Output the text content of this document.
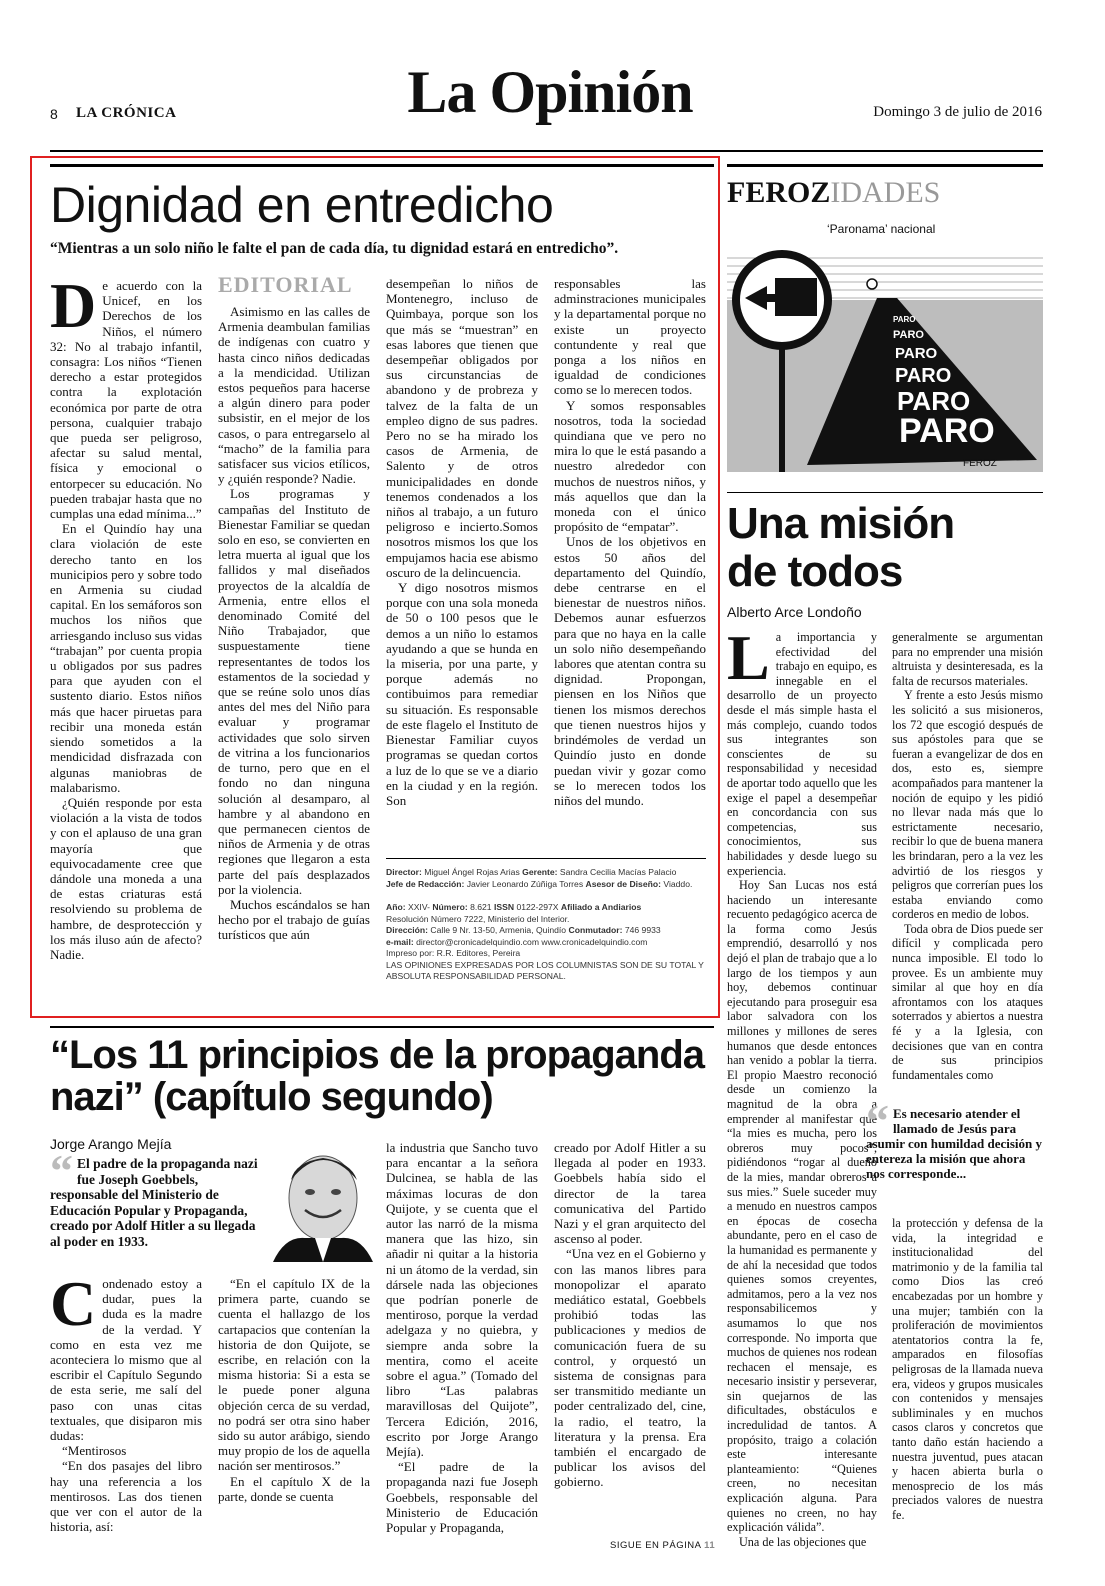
8 LA CRÓNICA	La Opinión	Domingo 3 de julio de 2016
Dignidad en entredicho
“Mientras a un solo niño le falte el pan de cada día, tu dignidad estará en entredicho”.
D e acuerdo con la Unicef, en los Derechos de los Niños, el número 32: No al trabajo infantil, consagra: Los niños “Tienen derecho a estar protegidos contra la explotación económica por parte de otra persona, cualquier trabajo que pueda ser peligroso, afectar su salud mental, física y emocional o entorpecer su educación. No pueden trabajar hasta que no cumplas una edad mínima...”

En el Quindío hay una clara violación de este derecho tanto en los municipios pero y sobre todo en Armenia su ciudad capital. En los semáforos son muchos los niños que arriesgando incluso sus vidas “trabajan” por cuenta propia u obligados por sus padres para que ayuden con el sustento diario. Estos niños más que hacer piruetas para recibir una moneda están siendo sometidos a la mendicidad disfrazada con algunas maniobras de malabarismo.

¿Quién responde por esta violación a la vista de todos y con el aplauso de una gran mayoría que equivocadamente cree que dándole una moneda a una de estas criaturas está resolviendo su problema de hambre, de desprotección y los más iluso aún de afecto? Nadie.

EDITORIAL

Asimismo en las calles de Armenia deambulan familias de indígenas con cuatro y hasta cinco niños dedicadas a la mendicidad. Utilizan estos pequeños para hacerse a algún dinero para poder subsistir, en el mejor de los casos, o para entregarselo al “macho” de la familia para satisfacer sus vicios etílicos, y ¿quién responde? Nadie.

Los programas y campañas del Instituto de Bienestar Familiar se quedan solo en eso, se convierten en letra muerta al igual que los fallidos y mal diseñados proyectos de la alcaldía de Armenia, entre ellos el denominado Comité del Niño Trabajador, que suspuestamente tiene representantes de todos los estamentos de la sociedad y que se reúne solo unos días antes del mes del Niño para evaluar y programar actividades que solo sirven de vitrina a los funcionarios de turno, pero que en el fondo no dan ninguna solución al desamparo, al hambre y al abandono en que permanecen cientos de niños de Armenia y de otras regiones que llegaron a esta parte del país desplazados por la violencia.

Muchos escándalos se han hecho por el trabajo de guías turísticos que aún

desempeñan lo niños de Montenegro, incluso de Quimbaya, porque son los que más se “muestran” en esas labores que tienen que desempeñar obligados por sus circunstancias de abandono y de probreza y talvez de la falta de un empleo digno de sus padres. Pero no se ha mirado los casos de Armenia, de Salento y de otros municipalidades en donde tenemos condenados a los niños al trabajo, a un futuro peligroso e incierto.Somos nosotros mismos los que los empujamos hacia ese abismo oscuro de la delincuencia.

Y digo nosotros mismos porque con una sola moneda de 50 o 100 pesos que le demos a un niño lo estamos ayudando a que se hunda en la miseria, por una parte, y porque además no contibuimos para remediar su situación. Es responsable de este flagelo el Instituto de Bienestar Familiar cuyos programas se quedan cortos a luz de lo que se ve a diario en la ciudad y en la región. Son

responsables las adminstraciones municipales y la departamental porque no existe un proyecto contundente y real que ponga a los niños en igualdad de condiciones como se lo merecen todos.

Y somos responsables nosotros, toda la sociedad quindiana que ve pero no mira lo que le está pasando a nuestro alrededor con muchos de nuestros niños, y más aquellos que dan la moneda con el único propósito de “empatar”.

Unos de los objetivos en estos 50 años del departamento del Quindío, debe centrarse en el bienestar de nuestros niños. Debemos aunar esfuerzos para que no haya en la calle un solo niño desempeñando labores que atentan contra su dignidad. Propongan, piensen en los Niños que tienen los mismos derechos que tienen nuestros hijos y brindémoles de verdad un Quindío justo en donde puedan vivir y gozar como se lo merecen todos los niños del mundo.

Director: Miguel Ángel Rojas Arias Gerente: Sandra Cecilia Macías Palacio
Jefe de Redacción: Javier Leonardo Zúñiga Torres Asesor de Diseño: Viaddo.
Año: XXIV- Número: 8.621 ISSN 0122-297X Afiliado a Andiarios
Resolución Número 7222, Ministerio del Interior.
Dirección: Calle 9 Nr. 13-50, Armenia, Quindío Conmutador: 746 9933
e-mail: director@cronicadelquindio.com www.cronicadelquindio.com
Impreso por: R.R. Editores, Pereira
LAS OPINIONES EXPRESADAS POR LOS COLUMNISTAS SON DE SU TOTAL Y ABSOLUTA RESPONSABILIDAD PERSONAL.
FEROZIDADES
‘Paronama’ nacional
PARO
PARO
PARO
PARO
PARO
PARO
FEROZ
Una misión de todos
Alberto Arce Londoño
L a importancia y efectividad del trabajo en equipo, es innegable en el desarrollo de un proyecto desde el más simple hasta el más complejo, cuando todos sus integrantes son conscientes de su responsabilidad y necesidad de aportar todo aquello que les exige el papel a desempeñar en concordancia con sus competencias, sus conocimientos, sus habilidades y desde luego su experiencia.

Hoy San Lucas nos está haciendo un interesante recuento pedagógico acerca de la forma como Jesús emprendió, desarrolló y nos dejó el plan de trabajo que a lo largo de los tiempos y aun hoy, debemos continuar ejecutando para proseguir esa labor salvadora con los millones y millones de seres humanos que desde entonces han venido a poblar la tierra. El propio Maestro reconoció desde un comienzo la magnitud de la obra a emprender al manifestar que “la mies es mucha, pero los obreros muy pocos”, pidiéndonos “rogar al dueño de la mies, mandar obreros a sus mies.” Suele suceder muy a menudo en nuestros campos en épocas de cosecha abundante, pero en el caso de la humanidad es permanente y de ahí la necesidad que todos quienes somos creyentes, admitamos, pero a la vez nos responsabilicemos y asumamos lo que nos corresponde. No importa que muchos de quienes nos rodean rechacen el mensaje, es necesario insistir y perseverar, sin quejarnos de las dificultades, obstáculos e incredulidad de tantos. A propósito, traigo a colación este interesante planteamiento: “Quienes creen, no necesitan explicación alguna. Para quienes no creen, no hay explicación válida”.

Una de las objeciones que

generalmente se argumentan para no emprender una misión altruista y desinteresada, es la falta de recursos materiales.

Y frente a esto Jesús mismo les solicitó a sus misioneros, los 72 que escogió después de sus apóstoles para que se fueran a evangelizar de dos en dos, esto es, siempre acompañados para mantener la noción de equipo y les pidió no llevar nada más que lo estrictamente necesario, recibir lo que de buena manera les brindaran, pero a la vez les advirtió de los riesgos y peligros que correrían pues los estaba enviando como corderos en medio de lobos.

Toda obra de Dios puede ser difícil y complicada pero nunca imposible. El todo lo provee. Es un ambiente muy similar al que hoy en día afrontamos con los ataques soterrados y abiertos a nuestra fé y a la Iglesia, con decisiones que van en contra de sus principios fundamentales como

“ Es necesario atender el llamado de Jesús para asumir con humildad decisión y entereza la misión que ahora nos corresponde...

la protección y defensa de la vida, la integridad e institucionalidad del matrimonio y de la familia tal como Dios las creó encabezadas por un hombre y una mujer; también con la proliferación de movimientos atentatorios contra la fe, amparados en filosofías peligrosas de la llamada nueva era, videos y grupos musicales con contenidos y mensajes subliminales y en muchos casos claros y concretos que tanto daño están haciendo a nuestra juventud, pues atacan y hacen abierta burla o menosprecio de los más preciados valores de nuestra fe.

“Los 11 principios de la propaganda nazi” (capítulo segundo)
Jorge Arango Mejía
“ El padre de la propaganda nazi fue Joseph Goebbels, responsable del Ministerio de Educación Popular y Propaganda, creado por Adolf Hitler a su llegada al poder en 1933.
C ondenado estoy a dudar, pues la duda es la madre de la verdad. Y como en esta vez me aconteciera lo mismo que al escribir el Capítulo Segundo de esta serie, me salí del paso con unas citas textuales, que disiparon mis dudas:

“Mentirosos

“En dos pasajes del libro hay una referencia a los mentirosos. Las dos tienen que ver con el autor de la historia, así:

“En el capítulo IX de la primera parte, cuando se cuenta el hallazgo de los cartapacios que contenían la historia de don Quijote, se escribe, en relación con la misma historia: Si a esta se le puede poner alguna objeción cerca de su verdad, no podrá ser otra sino haber sido su autor arábigo, siendo muy propio de los de aquella nación ser mentirosos.”

En el capítulo X de la parte, donde se cuenta

la industria que Sancho tuvo para encantar a la señora Dulcinea, se habla de las máximas locuras de don Quijote, y se cuenta que el autor las narró de la misma manera que las hizo, sin añadir ni quitar a la historia ni un átomo de la verdad, sin dársele nada las objeciones que podrían ponerle de mentiroso, porque la verdad adelgaza y no quiebra, y siempre anda sobre la mentira, como el aceite sobre el agua.” (Tomado del libro “Las palabras maravillosas del Quijote”, Tercera Edición, 2016, escrito por Jorge Arango Mejía).

“El padre de la propaganda nazi fue Joseph Goebbels, responsable del Ministerio de Educación Popular y Propaganda,

creado por Adolf Hitler a su llegada al poder en 1933. Goebbels había sido el director de la tarea comunicativa del Partido Nazi y el gran arquitecto del ascenso al poder.

“Una vez en el Gobierno y con las manos libres para monopolizar el aparato mediático estatal, Goebbels prohibió todas las publicaciones y medios de comunicación fuera de su control, y orquestó un sistema de consignas para ser transmitido mediante un poder centralizado del, cine, la radio, el teatro, la literatura y la prensa. Era también el encargado de publicar los avisos del gobierno.

SIGUE EN PÁGINA 11
